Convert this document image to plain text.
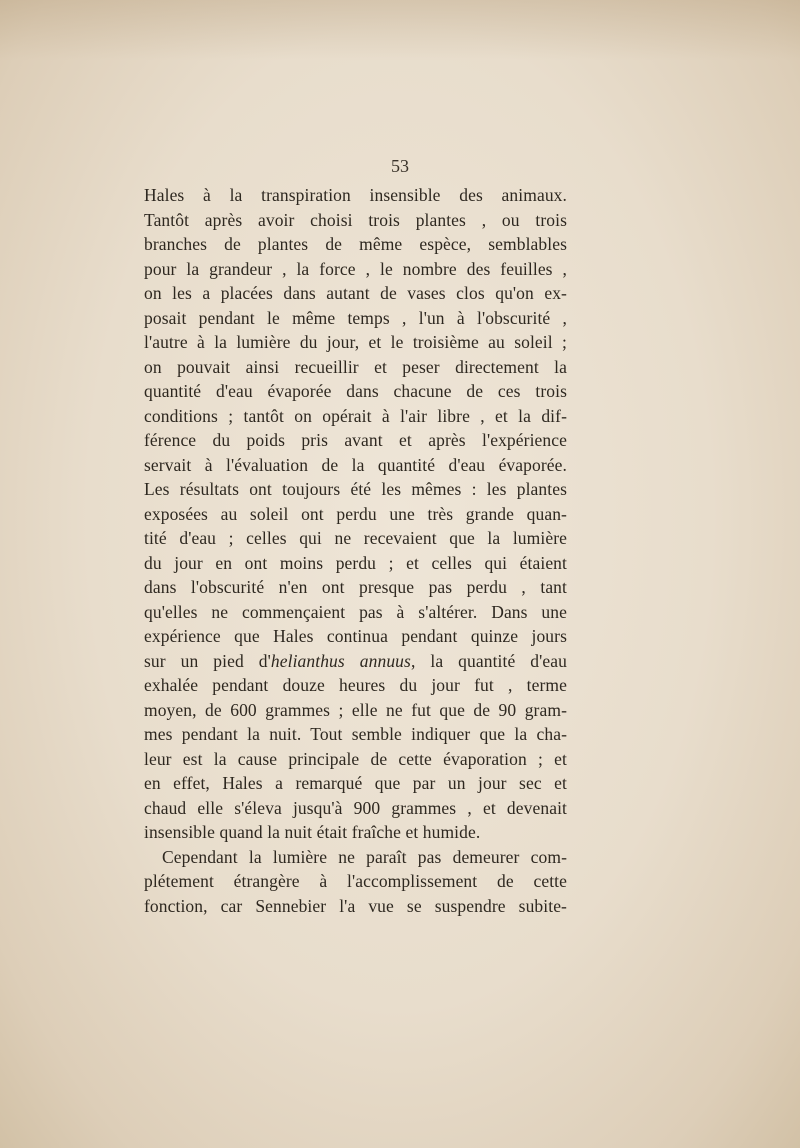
53
Hales à la transpiration insensible des animaux.
Tantôt après avoir choisi trois plantes , ou trois
branches de plantes de même espèce, semblables
pour la grandeur , la force , le nombre des feuilles ,
on les a placées dans autant de vases clos qu'on ex-
posait pendant le même temps , l'un à l'obscurité ,
l'autre à la lumière du jour, et le troisième au soleil ;
on pouvait ainsi recueillir et peser directement la
quantité d'eau évaporée dans chacune de ces trois
conditions ; tantôt on opérait à l'air libre , et la dif-
férence du poids pris avant et après l'expérience
servait à l'évaluation de la quantité d'eau évaporée.
Les résultats ont toujours été les mêmes : les plantes
exposées au soleil ont perdu une très grande quan-
tité d'eau ; celles qui ne recevaient que la lumière
du jour en ont moins perdu ; et celles qui étaient
dans l'obscurité n'en ont presque pas perdu , tant
qu'elles ne commençaient pas à s'altérer. Dans une
expérience que Hales continua pendant quinze jours
sur un pied d'helianthus annuus, la quantité d'eau
exhalée pendant douze heures du jour fut , terme
moyen, de 600 grammes ; elle ne fut que de 90 gram-
mes pendant la nuit. Tout semble indiquer que la cha-
leur est la cause principale de cette évaporation ; et
en effet, Hales a remarqué que par un jour sec et
chaud elle s'éleva jusqu'à 900 grammes , et devenait
insensible quand la nuit était fraîche et humide.
Cependant la lumière ne paraît pas demeurer com-
plétement étrangère à l'accomplissement de cette
fonction, car Sennebier l'a vue se suspendre subite-
